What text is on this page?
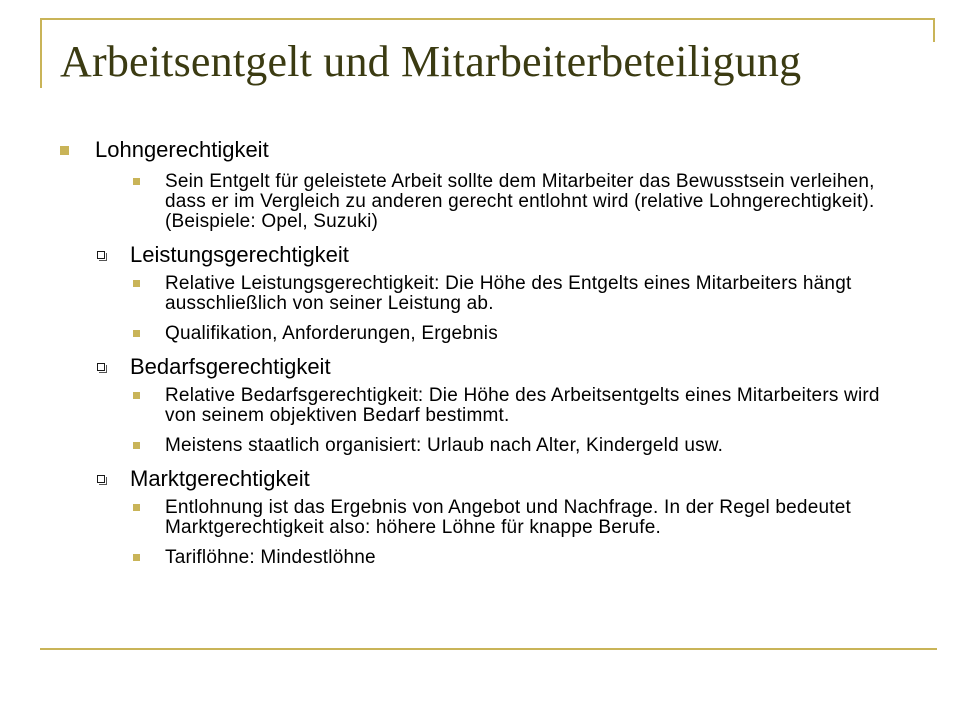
Arbeitsentgelt und Mitarbeiterbeteiligung
Lohngerechtigkeit
Sein Entgelt für geleistete Arbeit sollte dem Mitarbeiter das Bewusstsein verleihen, dass er im Vergleich zu anderen gerecht entlohnt wird (relative Lohngerechtigkeit). (Beispiele: Opel, Suzuki)
Leistungsgerechtigkeit
Relative Leistungsgerechtigkeit: Die Höhe des Entgelts eines Mitarbeiters hängt ausschließlich von seiner Leistung ab.
Qualifikation, Anforderungen, Ergebnis
Bedarfsgerechtigkeit
Relative Bedarfsgerechtigkeit: Die Höhe des Arbeitsentgelts eines Mitarbeiters wird von seinem objektiven Bedarf bestimmt.
Meistens staatlich organisiert: Urlaub nach Alter, Kindergeld usw.
Marktgerechtigkeit
Entlohnung ist das Ergebnis von Angebot und Nachfrage. In der Regel bedeutet Marktgerechtigkeit also: höhere Löhne für knappe Berufe.
Tariflöhne: Mindestlöhne
